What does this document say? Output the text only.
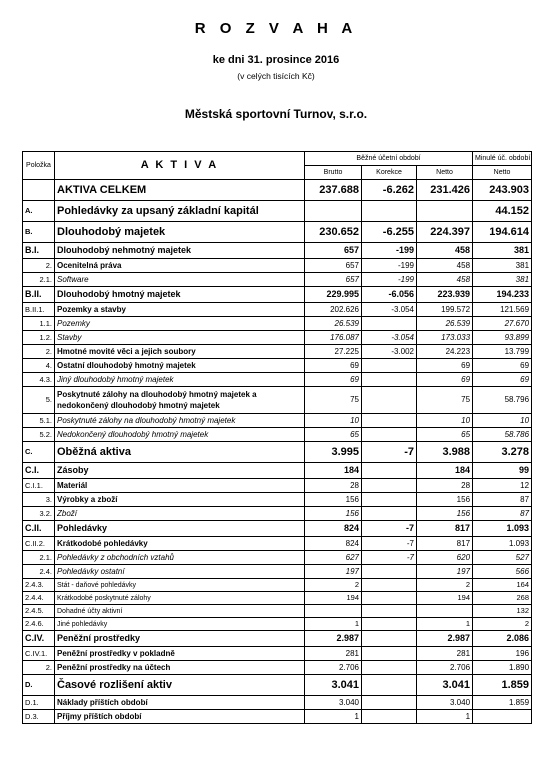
R O Z V A H A
ke dni 31. prosince 2016
(v celých tisících Kč)
Městská sportovní Turnov, s.r.o.
Položka	A K T I V A	Běžné účetní období			Minulé úč. období
		Brutto	Korekce	Netto	Netto
	AKTIVA CELKEM	237.688	-6.262	231.426	243.903
A.	Pohledávky za upsaný základní kapitál				44.152
B.	Dlouhodobý majetek	230.652	-6.255	224.397	194.614
B.I.	Dlouhodobý nehmotný majetek	657	-199	458	381
2.	Ocenitelná práva	657	-199	458	381
2.1.	Software	657	-199	458	381
B.II.	Dlouhodobý hmotný majetek	229.995	-6.056	223.939	194.233
B.II.1.	Pozemky a stavby	202.626	-3.054	199.572	121.569
1.1.	Pozemky	26.539		26.539	27.670
1.2.	Stavby	176.087	-3.054	173.033	93.899
2.	Hmotné movité věci a jejich soubory	27.225	-3.002	24.223	13.799
4.	Ostatní dlouhodobý hmotný majetek	69		69	69
4.3.	Jiný dlouhodobý hmotný majetek	69		69	69
5.	Poskytnuté zálohy na dlouhodobý hmotný majetek a nedokončený dlouhodobý hmotný majetek	75		75	58.796
5.1.	Poskytnuté zálohy na dlouhodobý hmotný majetek	10		10	10
5.2.	Nedokončený dlouhodobý hmotný majetek	65		65	58.786
C.	Oběžná aktiva	3.995	-7	3.988	3.278
C.I.	Zásoby	184		184	99
C.I.1.	Materiál	28		28	12
3.	Výrobky a zboží	156		156	87
3.2.	Zboží	156		156	87
C.II.	Pohledávky	824	-7	817	1.093
C.II.2.	Krátkodobé pohledávky	824	-7	817	1.093
2.1.	Pohledávky z obchodních vztahů	627	-7	620	527
2.4.	Pohledávky ostatní	197		197	566
2.4.3.	Stát - daňové pohledávky	2		2	164
2.4.4.	Krátkodobé poskytnuté zálohy	194		194	268
2.4.5.	Dohadné účty aktivní				132
2.4.6.	Jiné pohledávky	1		1	2
C.IV.	Peněžní prostředky	2.987		2.987	2.086
C.IV.1.	Peněžní prostředky v pokladně	281		281	196
2.	Peněžní prostředky na účtech	2.706		2.706	1.890
D.	Časové rozlišení aktiv	3.041		3.041	1.859
D.1.	Náklady příštích období	3.040		3.040	1.859
D.3.	Příjmy příštích období	1		1	
